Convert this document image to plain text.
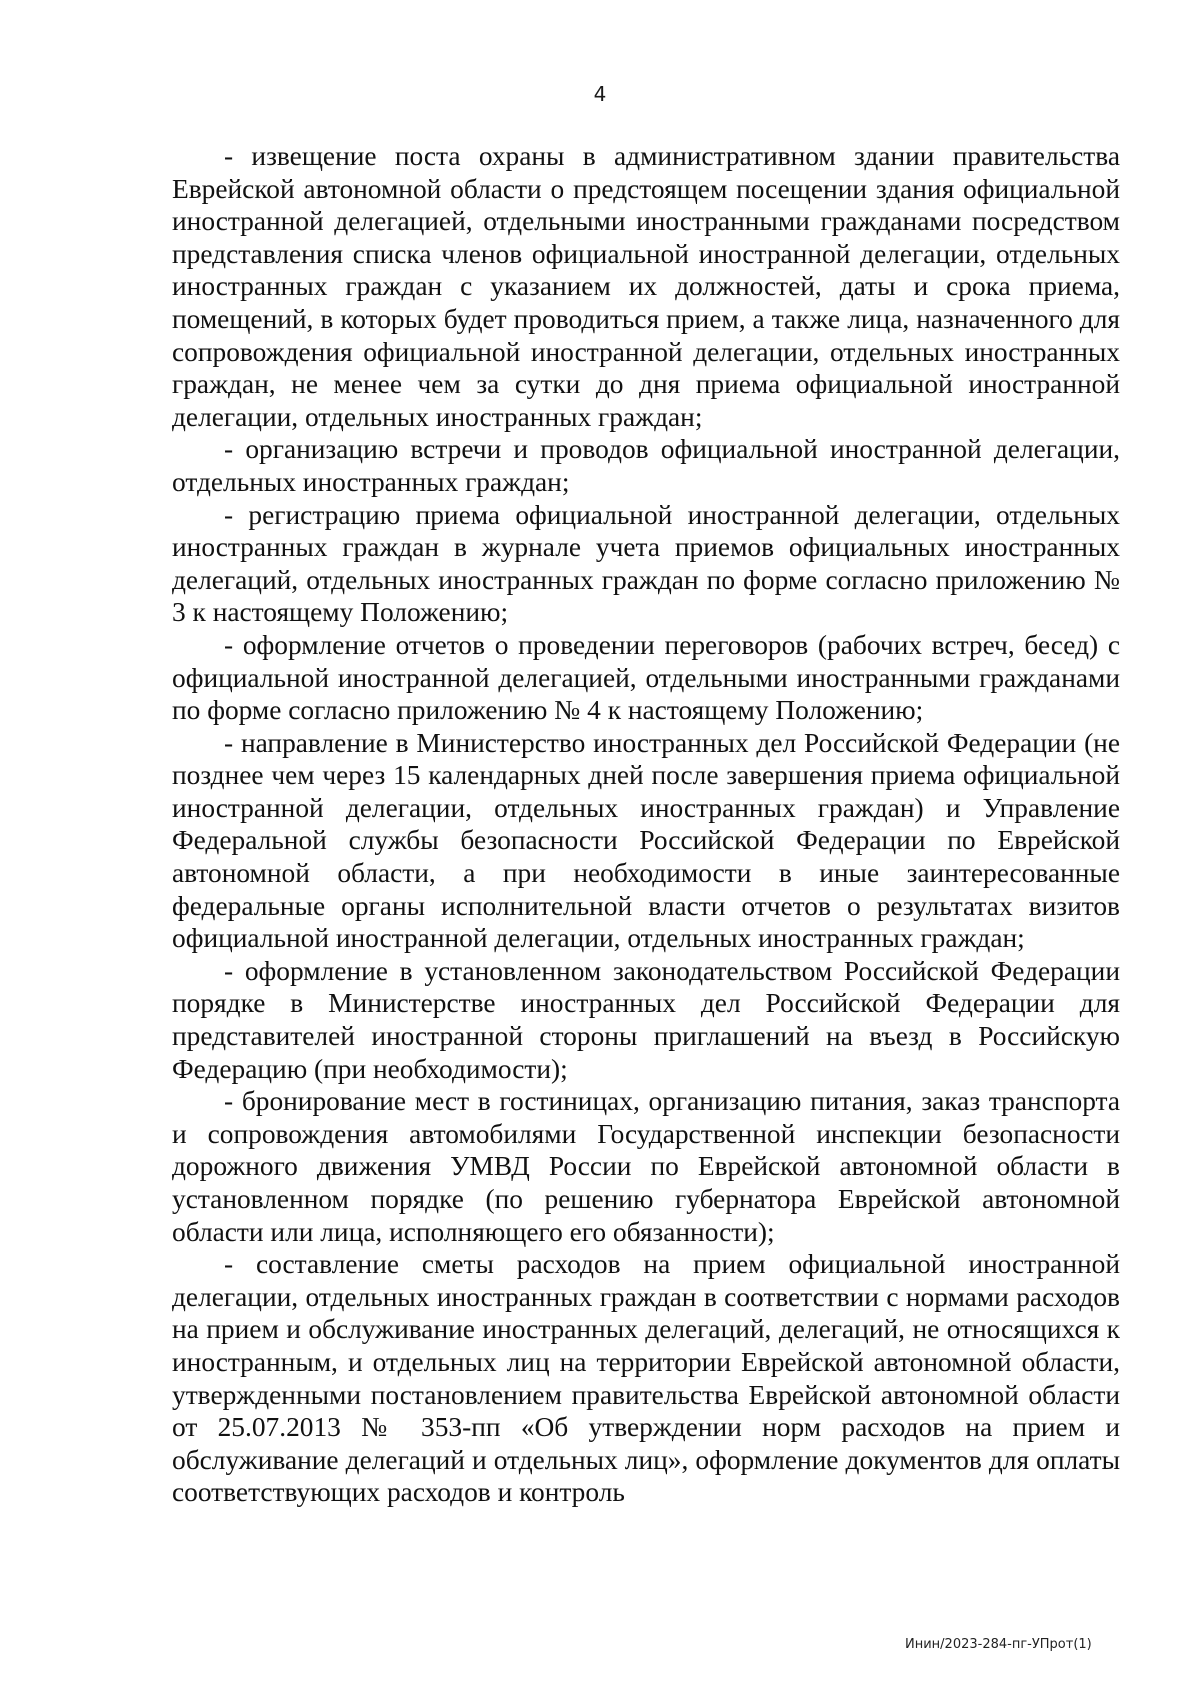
4

- извещение поста охраны в административном здании правительства Еврейской автономной области о предстоящем посещении здания официальной иностранной делегацией, отдельными иностранными гражданами посредством представления списка членов официальной иностранной делегации, отдельных иностранных граждан с указанием их должностей, даты и срока приема, помещений, в которых будет проводиться прием, а также лица, назначенного для сопровождения официальной иностранной делегации, отдельных иностранных граждан, не менее чем за сутки до дня приема официальной иностранной делегации, отдельных иностранных граждан;

- организацию встречи и проводов официальной иностранной делегации, отдельных иностранных граждан;

- регистрацию приема официальной иностранной делегации, отдельных иностранных граждан в журнале учета приемов официальных иностранных делегаций, отдельных иностранных граждан по форме согласно приложению № 3 к настоящему Положению;

- оформление отчетов о проведении переговоров (рабочих встреч, бесед) с официальной иностранной делегацией, отдельными иностранными гражданами по форме согласно приложению № 4 к настоящему Положению;

- направление в Министерство иностранных дел Российской Федерации (не позднее чем через 15 календарных дней после завершения приема официальной иностранной делегации, отдельных иностранных граждан) и Управление Федеральной службы безопасности Российской Федерации по Еврейской автономной области, а при необходимости в иные заинтересованные федеральные органы исполнительной власти отчетов о результатах визитов официальной иностранной делегации, отдельных иностранных граждан;

- оформление в установленном законодательством Российской Федерации порядке в Министерстве иностранных дел Российской Федерации для представителей иностранной стороны приглашений на въезд в Российскую Федерацию (при необходимости);

- бронирование мест в гостиницах, организацию питания, заказ транспорта и сопровождения автомобилями Государственной инспекции безопасности дорожного движения УМВД России по Еврейской автономной области в установленном порядке (по решению губернатора Еврейской автономной области или лица, исполняющего его обязанности);

- составление сметы расходов на прием официальной иностранной делегации, отдельных иностранных граждан в соответствии с нормами расходов на прием и обслуживание иностранных делегаций, делегаций, не относящихся к иностранным, и отдельных лиц на территории Еврейской автономной области, утвержденными постановлением правительства Еврейской автономной области от 25.07.2013 № 353-пп «Об утверждении норм расходов на прием и обслуживание делегаций и отдельных лиц», оформление документов для оплаты соответствующих расходов и контроль

Инин/2023-284-пг-УПрот(1)
